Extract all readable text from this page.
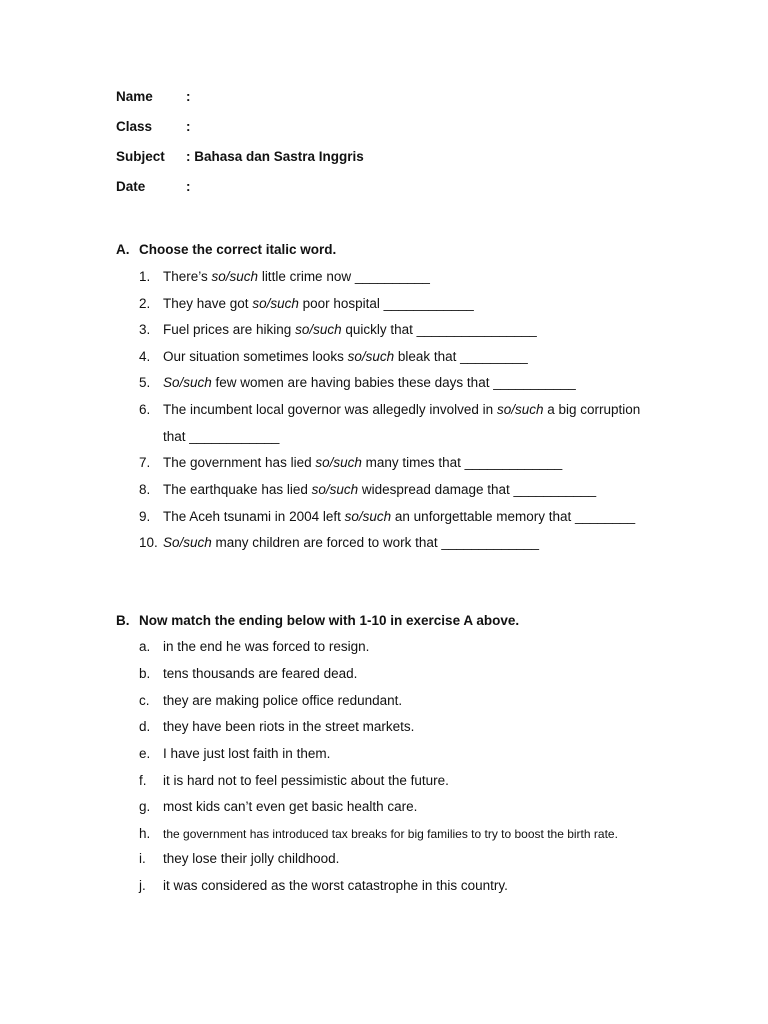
Name :
Class	:
Subject : Bahasa dan Sastra Inggris
Date	:
A. Choose the correct italic word.
1. There’s so/such little crime now __________
2. They have got so/such poor hospital ____________
3. Fuel prices are hiking so/such quickly that ________________
4. Our situation sometimes looks so/such bleak that _________
5. So/such few women are having babies these days that ___________
6. The incumbent local governor was allegedly involved in so/such a big corruption
that ____________
7. The government has lied so/such many times that _____________
8. The earthquake has lied so/such widespread damage that ___________
9. The Aceh tsunami in 2004 left so/such an unforgettable memory that ________
10. So/such many children are forced to work that _____________
B. Now match the ending below with 1-10 in exercise A above.
a. in the end he was forced to resign.
b. tens thousands are feared dead.
c. they are making police office redundant.
d. they have been riots in the street markets.
e. I have just lost faith in them.
f. it is hard not to feel pessimistic about the future.
g. most kids can’t even get basic health care.
h. the government has introduced tax breaks for big families to try to boost the birth rate.
i. they lose their jolly childhood.
j. it was considered as the worst catastrophe in this country.
